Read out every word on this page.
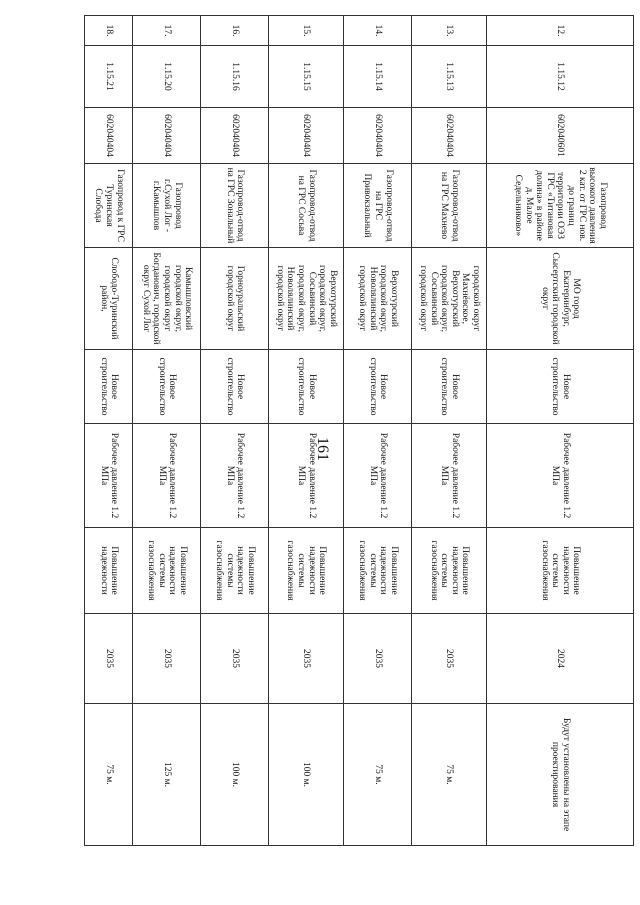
161
12.	1.15.12	602040601	Газопровод высокого давления 2 кат. от ГРС нов. до границ территории ОЭЗ ГРС «Титановая долина» в районе д. Малое Седельниково»	МО город Екатеринбург, Сысертский городской округ	Новое строительство	Рабочее давление 1.2 МПа	Повышение надежности системы газоснабжения	2024	Будут установлены на этапе проектирования
13.	1.15.13	602040404	Газопровод-отвод на ГРС Махнево	городской округ Махнёвское, Верхотурский городской округ, Сосьвинский городской округ	Новое строительство	Рабочее давление 1.2 МПа	Повышение надежности системы газоснабжения	2035	75 м.
14.	1.15.14	602040404	Газопровод-отвод на ГРС Привокзальный	Верхотурский городской округ, Новолялинский городской округ	Новое строительство	Рабочее давление 1.2 МПа	Повышение надежности системы газоснабжения	2035	75 м.
15.	1.15.15	602040404	Газопровод-отвод на ГРС Сосьва	Верхотурский городской округ, Сосьвинский городской округ, Новолялинский городской округ	Новое строительство	Рабочее давление 1.2 МПа	Повышение надежности системы газоснабжения	2035	100 м.
16.	1.15.16	602040404	Газопровод-отвод на ГРС Зональный	Горноуральский городской округ	Новое строительство	Рабочее давление 1.2 МПа	Повышение надежности системы газоснабжения	2035	100 м.
17.	1.15.20	602040404	Газопровод г.Сухой Лог - г.Камышлов	Камышловский городской округ, городской округ Богданович, городской округ Сухой Лог	Новое строительство	Рабочее давление 1.2 МПа	Повышение надежности системы газоснабжения	2035	125 м.
18.	1.15.21	602040404	Газопровод к ГРС Туринская Слобода	Слободо-Туринский район,	Новое строительство	Рабочее давление 1.2 МПа	Повышение надежности	2035	75 м.
